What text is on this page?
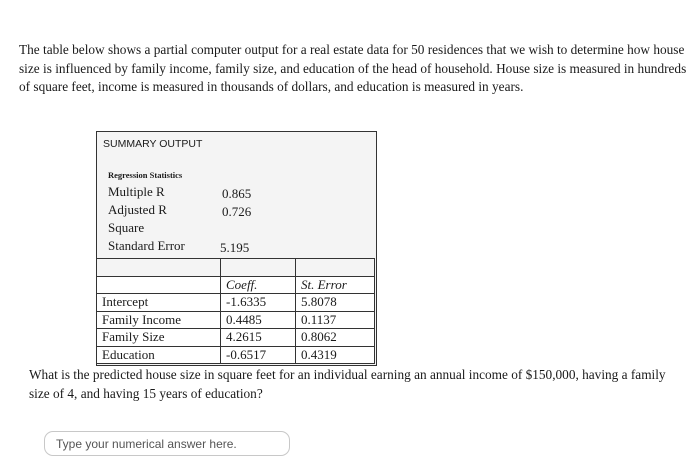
The table below shows a partial computer output for a real estate data for 50 residences that we wish to determine how house size is influenced by family income, family size, and education of the head of household. House size is measured in hundreds of square feet, income is measured in thousands of dollars, and education is measured in years.
SUMMARY OUTPUT
Regression Statistics
Multiple R	0.865
Adjusted R	0.726
Square
Standard Error	5.195

	Coeff.	St. Error
Intercept	-1.6335	5.8078
Family Income	0.4485	0.1137
Family Size	4.2615	0.8062
Education	-0.6517	0.4319
What is the predicted house size in square feet for an individual earning an annual income of $150,000, having a family size of 4, and having 15 years of education?
Type your numerical answer here.
